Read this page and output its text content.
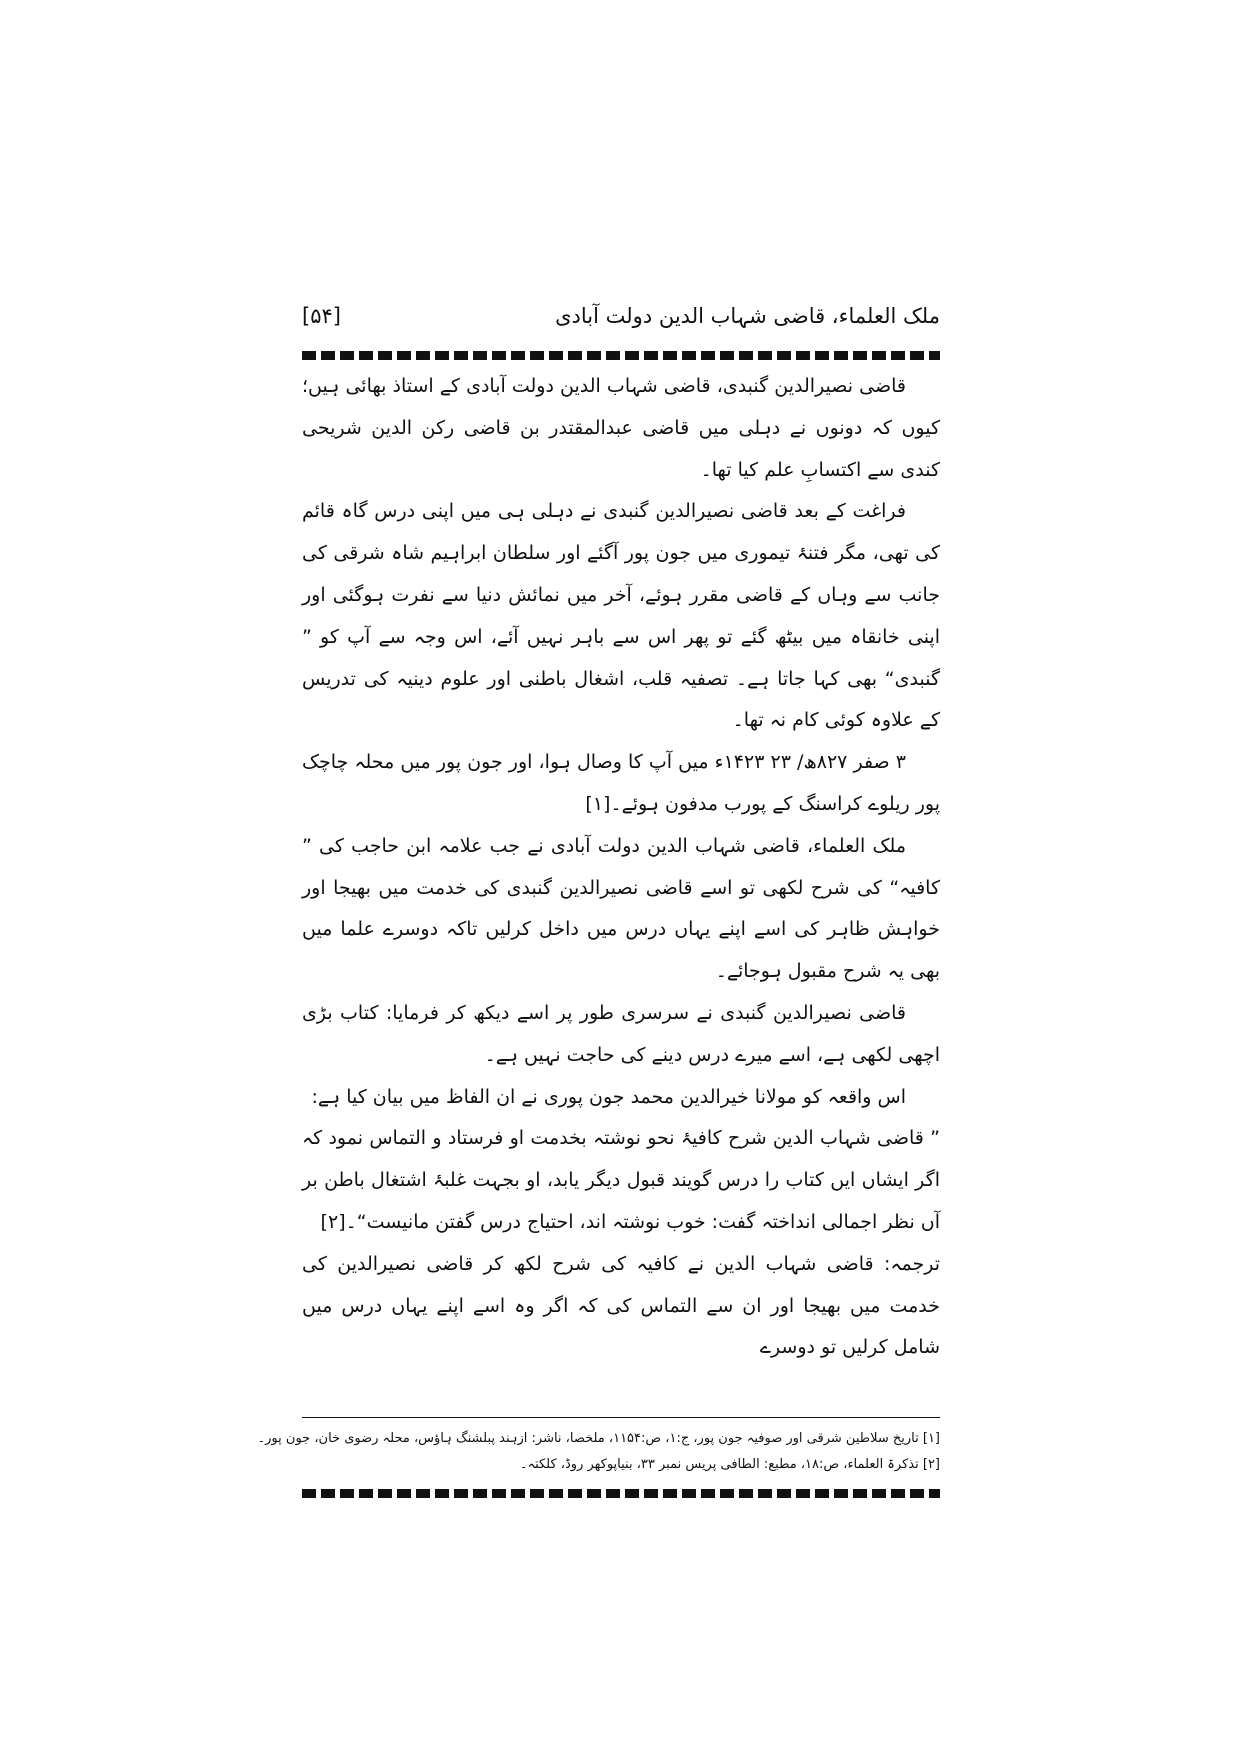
ملک العلماء، قاضی شہاب الدین دولت آبادی
[۵۴]

قاضی نصیرالدین گنبدی، قاضی شہاب الدین دولت آبادی کے استاذ بھائی ہیں؛ کیوں کہ دونوں نے دہلی میں قاضی عبدالمقتدر بن قاضی رکن الدین شریحی کندی سے اکتسابِ علم کیا تھا۔

فراغت کے بعد قاضی نصیرالدین گنبدی نے دہلی ہی میں اپنی درس گاہ قائم کی تھی، مگر فتنۂ تیموری میں جون پور آگئے اور سلطان ابراہیم شاہ شرقی کی جانب سے وہاں کے قاضی مقرر ہوئے، آخر میں نمائش دنیا سے نفرت ہوگئی اور اپنی خانقاہ میں بیٹھ گئے تو پھر اس سے باہر نہیں آئے، اس وجہ سے آپ کو ” گنبدی“ بھی کہا جاتا ہے۔ تصفیہ قلب، اشغال باطنی اور علوم دینیہ کی تدریس کے علاوہ کوئی کام نہ تھا۔

۳ صفر ۸۲۷ھ/ ۲۳ ۱۴۲۳ء میں آپ کا وصال ہوا، اور جون پور میں محلہ چاچک پور ریلوے کراسنگ کے پورب مدفون ہوئے۔[۱]

ملک العلماء، قاضی شہاب الدین دولت آبادی نے جب علامہ ابن حاجب کی ” کافیہ“ کی شرح لکھی تو اسے قاضی نصیرالدین گنبدی کی خدمت میں بھیجا اور خواہش ظاہر کی اسے اپنے یہاں درس میں داخل کرلیں تاکہ دوسرے علما میں بھی یہ شرح مقبول ہوجائے۔

قاضی نصیرالدین گنبدی نے سرسری طور پر اسے دیکھ کر فرمایا: کتاب بڑی اچھی لکھی ہے، اسے میرے درس دینے کی حاجت نہیں ہے۔

اس واقعہ کو مولانا خیرالدین محمد جون پوری نے ان الفاظ میں بیان کیا ہے:

” قاضی شہاب الدین شرح کافیۂ نحو نوشتہ بخدمت او فرستاد و التماس نمود کہ اگر ایشاں ایں کتاب را درس گویند قبول دیگر یابد، او بجہت غلبۂ اشتغال باطن بر آں نظر اجمالی انداختہ گفت: خوب نوشتہ اند، احتیاج درس گفتن مانیست“۔[۲]

ترجمہ: قاضی شہاب الدین نے کافیہ کی شرح لکھ کر قاضی نصیرالدین کی خدمت میں بھیجا اور ان سے التماس کی کہ اگر وہ اسے اپنے یہاں درس میں شامل کرلیں تو دوسرے

[۱] تاریخ سلاطین شرقی اور صوفیہ جون پور، ج:۱، ص:۱۱۵۴، ملخصا، ناشر: ازہند پبلشنگ ہاؤس، محلہ رضوی خان، جون پور۔

[۲] تذکرۃ العلماء، ص:۱۸، مطبع: الطافی پریس نمبر ۳۳، بنیاپوکھر روڈ، کلکتہ۔
